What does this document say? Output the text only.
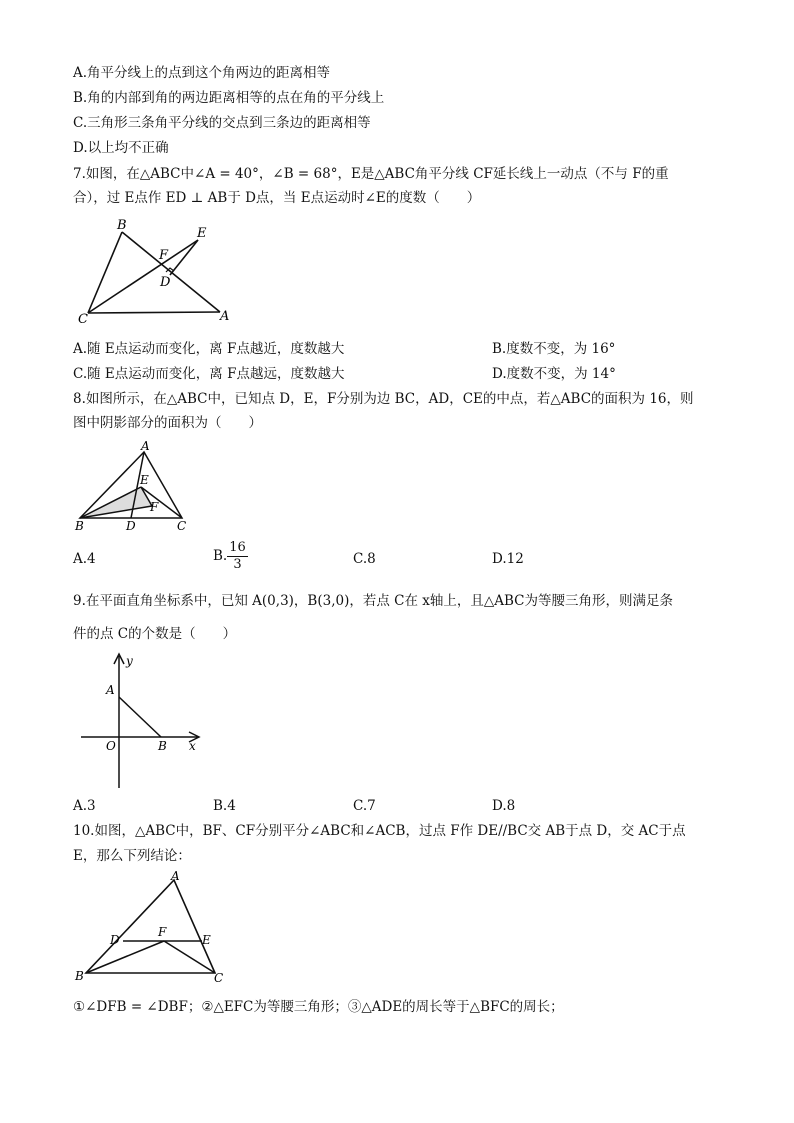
A.角平分线上的点到这个角两边的距离相等
B.角的内部到角的两边距离相等的点在角的平分线上
C.三角形三条角平分线的交点到三条边的距离相等
D.以上均不正确
7.如图，在△ABC中∠A = 40°，∠B = 68°，E是△ABC角平分线 CF延长线上一动点（不与 F的重
合），过 E点作 ED ⊥ AB于 D点，当 E点运动时∠E的度数（　　）
B
E
F
D
C	A
A.随 E点运动而变化，离 F点越近，度数越大	B.度数不变，为 16°
C.随 E点运动而变化，离 F点越远，度数越大	D.度数不变，为 14°
8.如图所示，在△ABC中，已知点 D，E，F分别为边 BC，AD，CE的中点，若△ABC的面积为 16，则
图中阴影部分的面积为（　　）
A
E
F
B	D	C
A.4	B. $\frac{16}{3}$	C.8	D.12
9.在平面直角坐标系中，已知 A(0,3)，B(3,0)，若点 C在 x轴上，且△ABC为等腰三角形，则满足条
件的点 C的个数是（　　）
y
A
O	B x
A.3	B.4	C.7	D.8
10.如图，△ABC中，BF、CF分别平分∠ABC和∠ACB，过点 F作 DE//BC交 AB于点 D，交 AC于点
E，那么下列结论：
A
D
F
E
B	C
①∠DFB = ∠DBF；②△EFC为等腰三角形；③△ADE的周长等于△BFC的周长；
